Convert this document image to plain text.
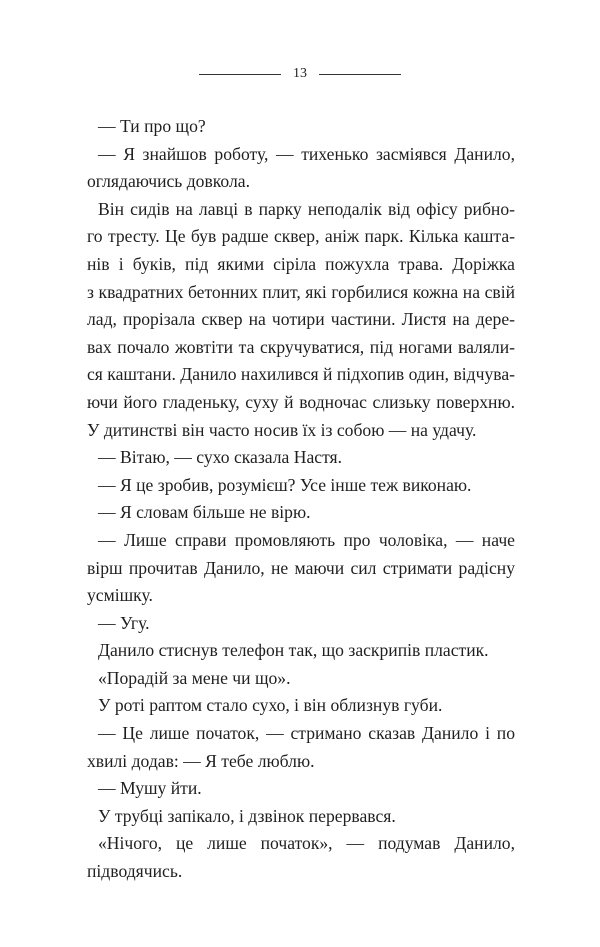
13
— Ти про що?
— Я знайшов роботу, — тихенько засміявся Данило,
оглядаючись довкола.
Він сидів на лавці в парку неподалік від офісу рибно-
го тресту. Це був радше сквер, аніж парк. Кілька кашта-
нів і буків, під якими сіріла пожухла трава. Доріжка
з квадратних бетонних плит, які горбилися кожна на свій
лад, прорізала сквер на чотири частини. Листя на дере-
вах почало жовтіти та скручуватися, під ногами валяли-
ся каштани. Данило нахилився й підхопив один, відчува-
ючи його гладеньку, суху й водночас слизьку поверхню.
У дитинстві він часто носив їх із собою — на удачу.
— Вітаю, — сухо сказала Настя.
— Я це зробив, розумієш? Усе інше теж виконаю.
— Я словам більше не вірю.
— Лише справи промовляють про чоловіка, — наче
вірш прочитав Данило, не маючи сил стримати радісну
усмішку.
— Угу.
Данило стиснув телефон так, що заскрипів пластик.
«Порадій за мене чи що».
У роті раптом стало сухо, і він облизнув губи.
— Це лише початок, — стримано сказав Данило і по
хвилі додав: — Я тебе люблю.
— Мушу йти.
У трубці запікало, і дзвінок перервався.
«Нічого, це лише початок», — подумав Данило,
підводячись.
